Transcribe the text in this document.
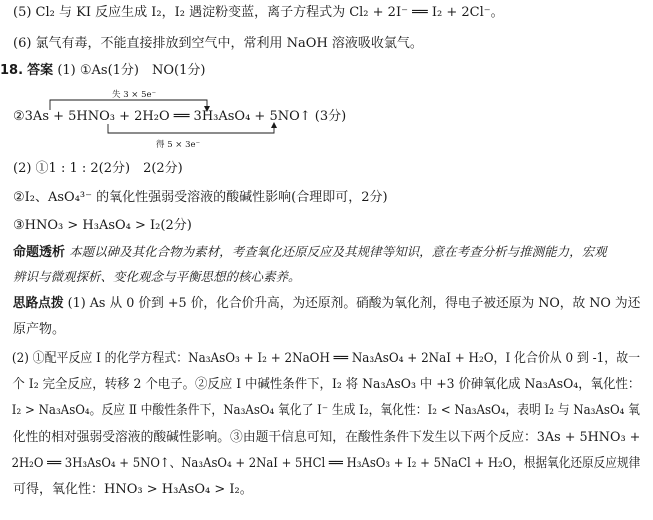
(5) Cl₂ 与 KI 反应生成 I₂，I₂ 遇淀粉变蓝，离子方程式为 Cl₂ + 2I⁻ ══ I₂ + 2Cl⁻。
(6) 氯气有毒，不能直接排放到空气中，常利用 NaOH 溶液吸收氯气。
18. 答案 (1) ①As(1分)　NO(1分)
失 3 × 5e⁻
得 5 × 3e⁻
②3As + 5HNO₃ + 2H₂O ══ 3H₃AsO₄ + 5NO↑ (3分)
(2) ①1 : 1 : 2(2分)　2(2分)
②I₂、AsO₄³⁻ 的氧化性强弱受溶液的酸碱性影响(合理即可，2分)
③HNO₃ > H₃AsO₄ > I₂(2分)
命题透析 本题以砷及其化合物为素材，考查氧化还原反应及其规律等知识，意在考查分析与推测能力，宏观
辨识与微观探析、变化观念与平衡思想的核心素养。
思路点拨 (1) As 从 0 价到 +5 价，化合价升高，为还原剂。硝酸为氧化剂，得电子被还原为 NO，故 NO 为还
原产物。
(2) ①配平反应 Ⅰ 的化学方程式：Na₃AsO₃ + I₂ + 2NaOH ══ Na₃AsO₄ + 2NaI + H₂O，I 化合价从 0 到 -1，故一
个 I₂ 完全反应，转移 2 个电子。②反应 Ⅰ 中碱性条件下，I₂ 将 Na₃AsO₃ 中 +3 价砷氧化成 Na₃AsO₄，氧化性：
I₂ > Na₃AsO₄。反应 Ⅱ 中酸性条件下，Na₃AsO₄ 氧化了 I⁻ 生成 I₂，氧化性：I₂ < Na₃AsO₄，表明 I₂ 与 Na₃AsO₄ 氧
化性的相对强弱受溶液的酸碱性影响。③由题干信息可知，在酸性条件下发生以下两个反应：3As + 5HNO₃ +
2H₂O ══ 3H₃AsO₄ + 5NO↑、Na₃AsO₄ + 2NaI + 5HCl ══ H₃AsO₃ + I₂ + 5NaCl + H₂O，根据氧化还原反应规律
可得，氧化性：HNO₃ > H₃AsO₄ > I₂。
